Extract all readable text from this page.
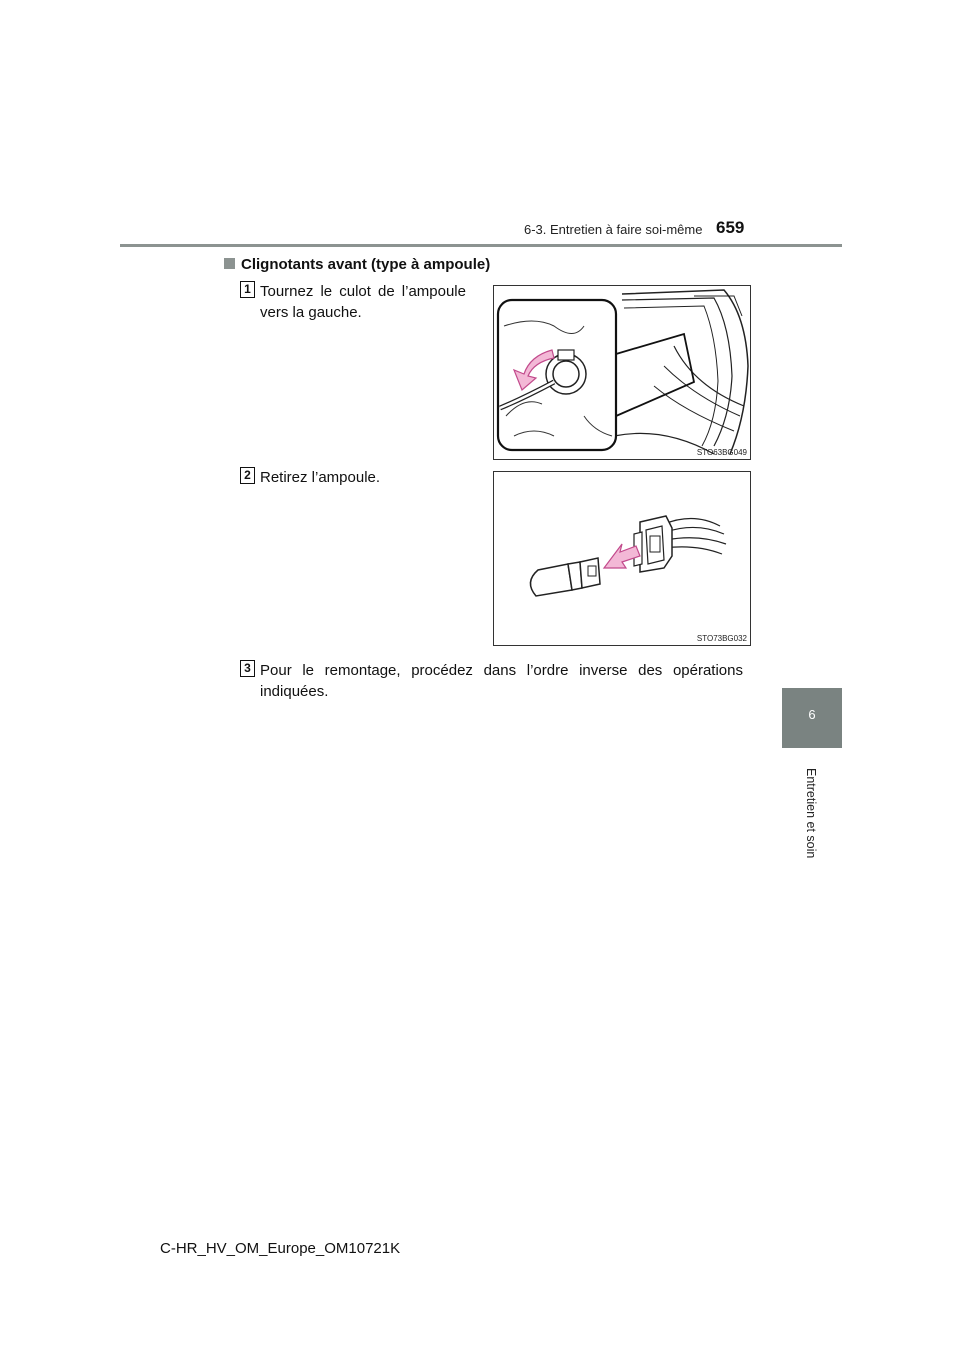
6-3. Entretien à faire soi-même 659
6
Entretien et soin
Clignotants avant (type à ampoule)
1 Tournez le culot de l’ampoule
vers la gauche.
STO63BG049
2 Retirez l’ampoule.
STO73BG032
3 Pour le remontage, procédez dans l’ordre inverse des opérations indiquées.
C-HR_HV_OM_Europe_OM10721K
